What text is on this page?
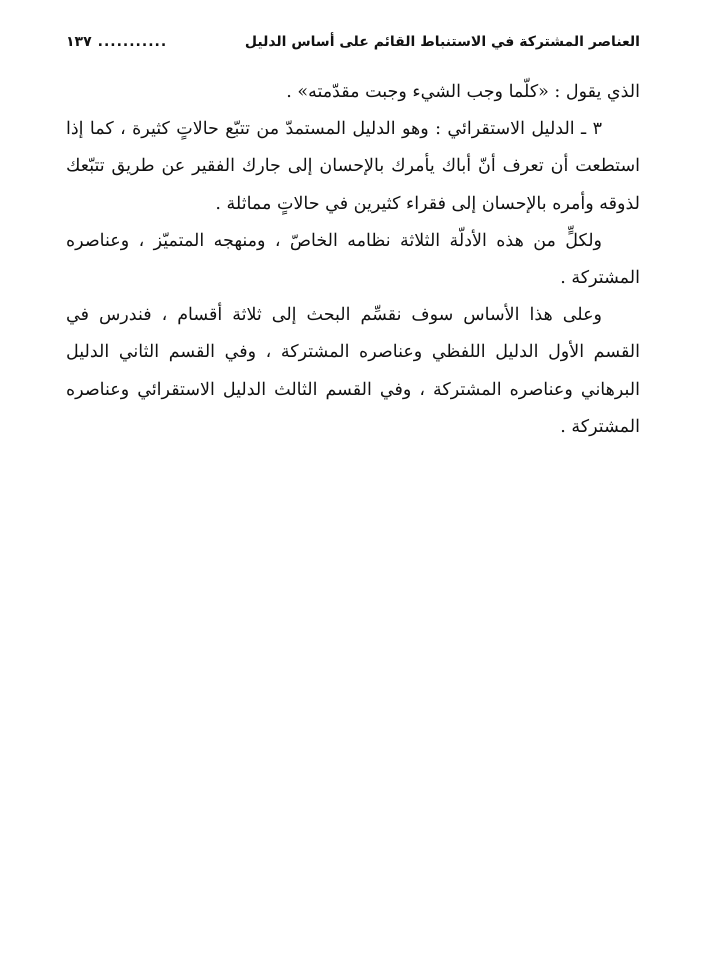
العناصر المشتركة في الاستنباط القائم على أساس الدليل
...........
١٣٧

الذي يقول : «كلّما وجب الشيء وجبت مقدّمته» .

٣ ـ الدليل الاستقرائي : وهو الدليل المستمدّ من تتبّع حالاتٍ كثيرة ، كما إذا استطعت أن تعرف أنّ أباك يأمرك بالإحسان إلى جارك الفقير عن طريق تتبّعك لذوقه وأمره بالإحسان إلى فقراء كثيرين في حالاتٍ مماثلة .

ولكلٍّ من هذه الأدلّة الثلاثة نظامه الخاصّ ، ومنهجه المتميّز ، وعناصره المشتركة .

وعلى هذا الأساس سوف نقسِّم البحث إلى ثلاثة أقسام ، فندرس في القسم الأول الدليل اللفظي وعناصره المشتركة ، وفي القسم الثاني الدليل البرهاني وعناصره المشتركة ، وفي القسم الثالث الدليل الاستقرائي وعناصره المشتركة .
